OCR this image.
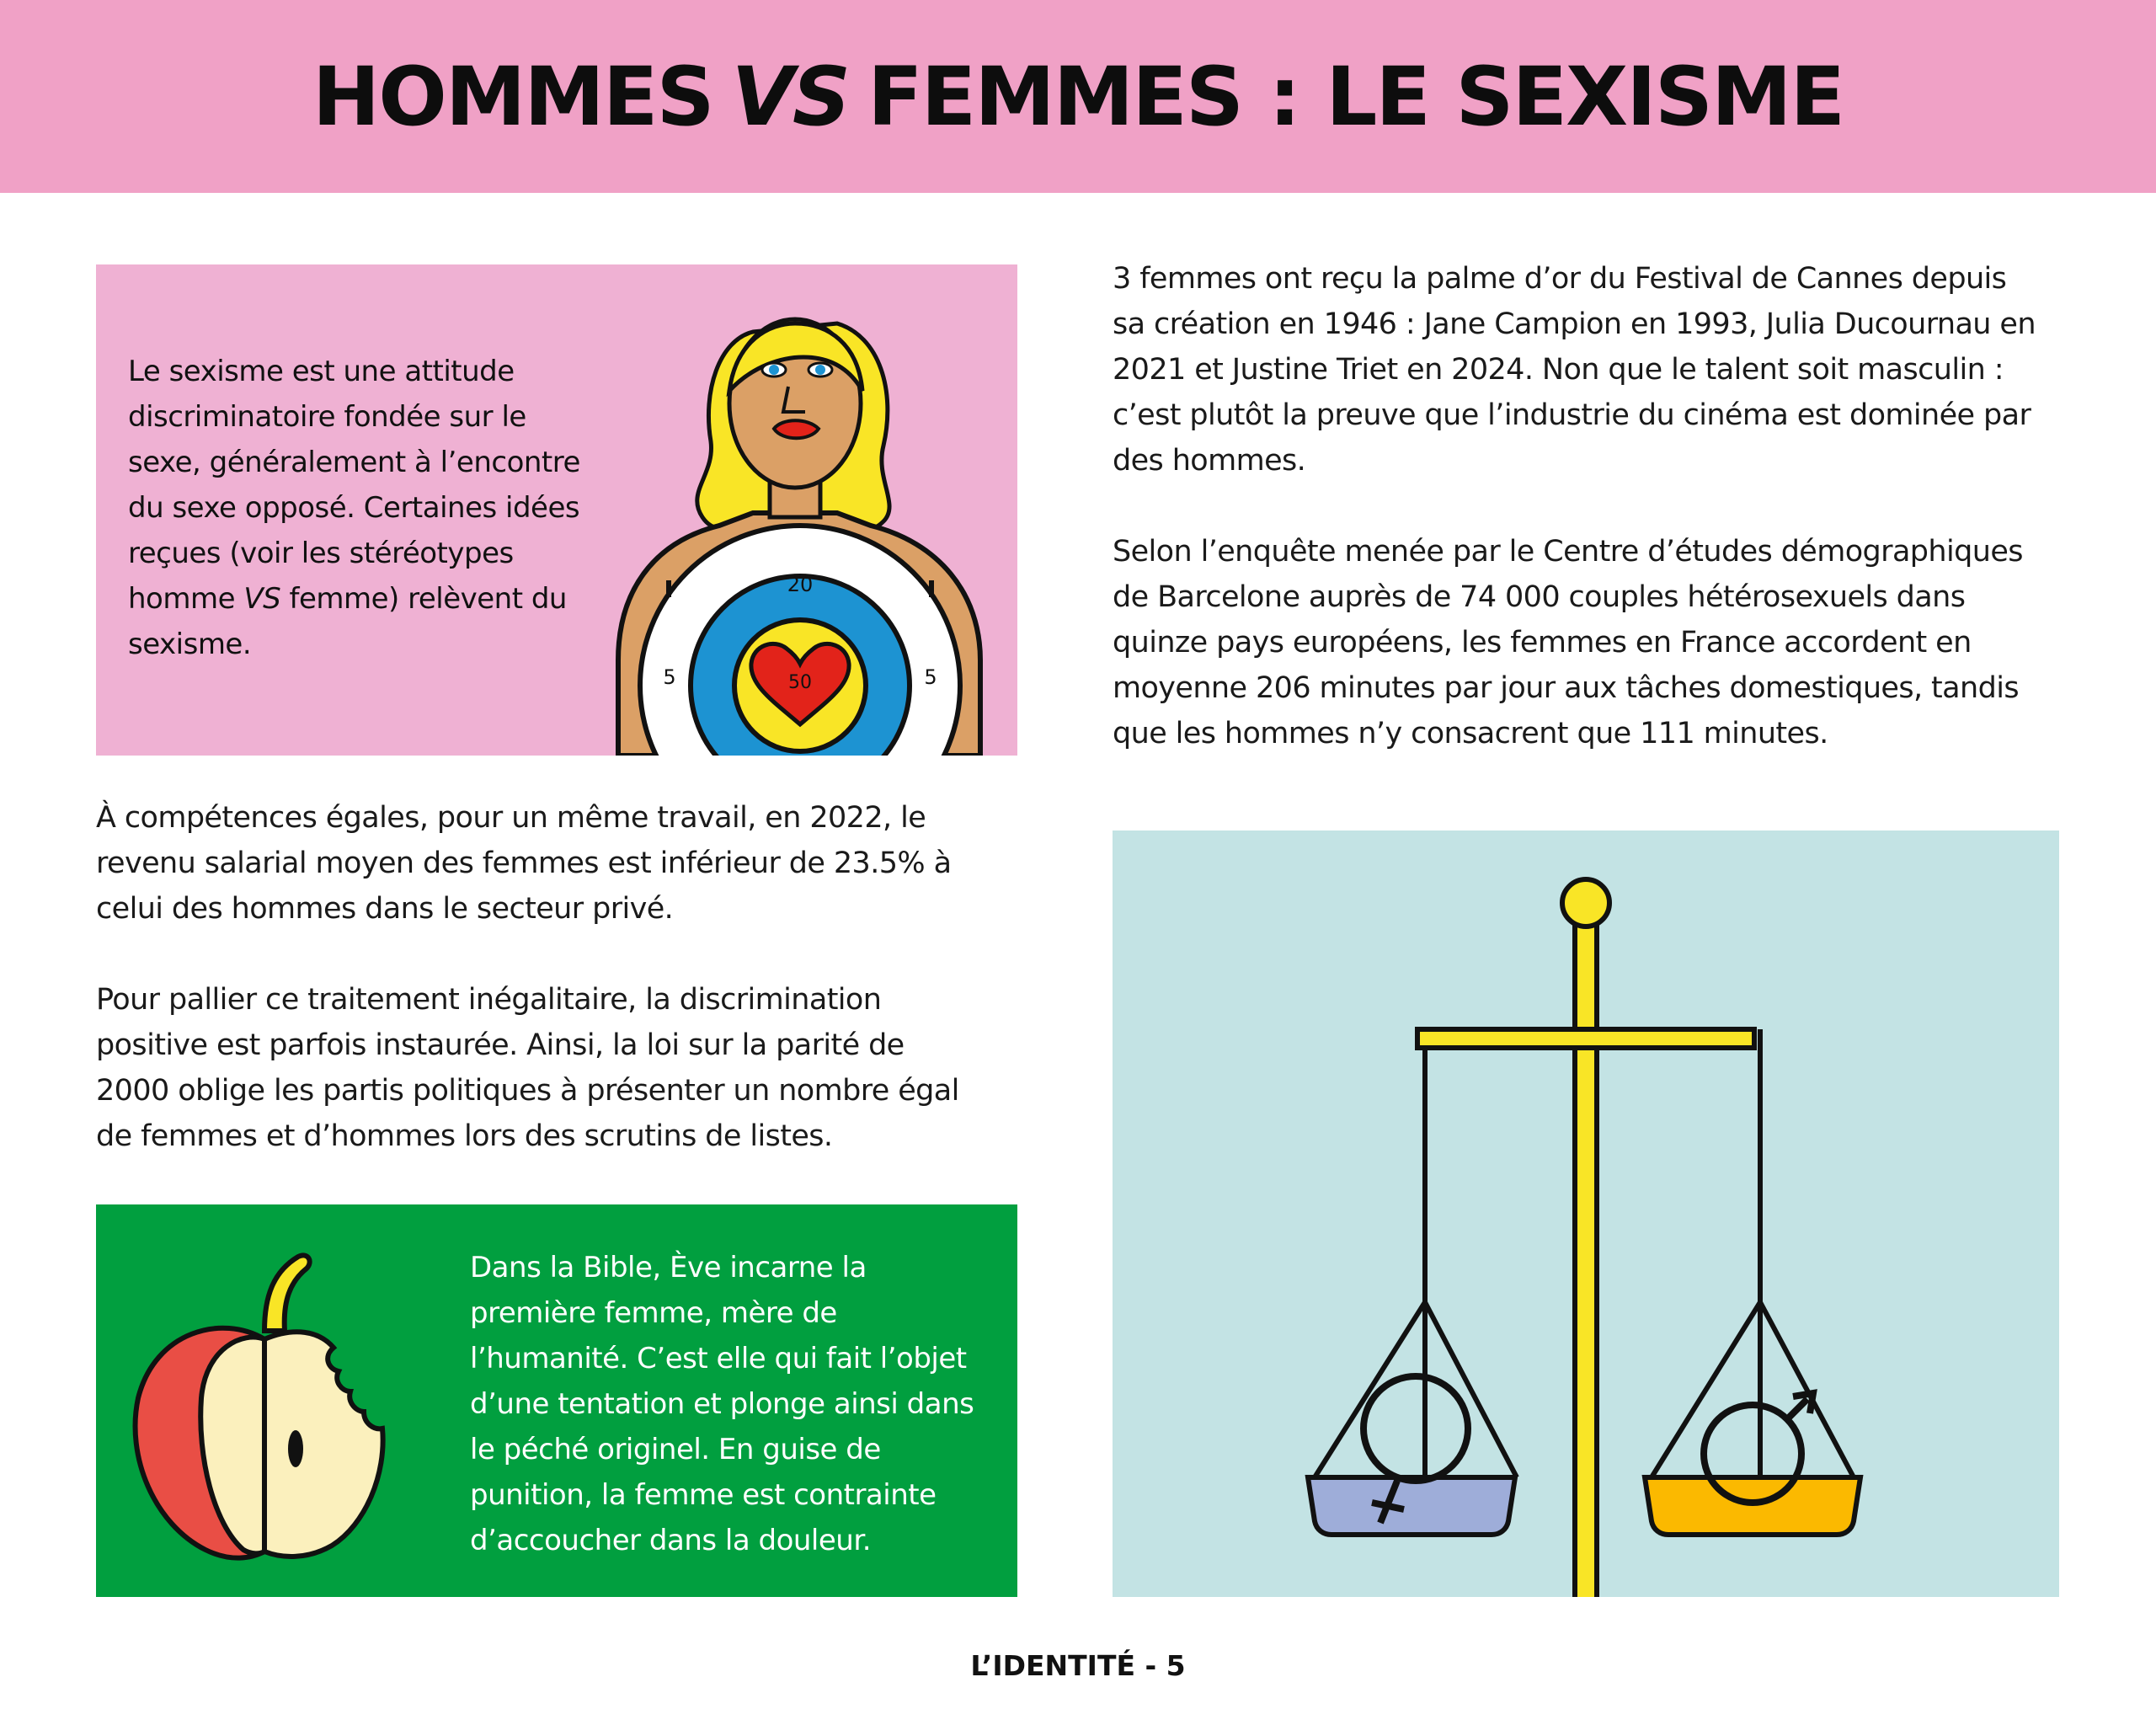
HOMMES VS FEMMES : LE SEXISME
Le sexisme est une attitude discriminatoire fondée sur le sexe, généralement à l’encontre du sexe opposé. Certaines idées reçues (voir les stéréotypes homme VS femme) relèvent du sexisme.
20
5	5
50
3 femmes ont reçu la palme d’or du Festival de Cannes depuis
sa création en 1946 : Jane Campion en 1993, Julia Ducournau en
2021 et Justine Triet en 2024. Non que le talent soit masculin :
c’est plutôt la preuve que l’industrie du cinéma est dominée par
des hommes.
Selon l’enquête menée par le Centre d’études démographiques
de Barcelone auprès de 74 000 couples hétérosexuels dans
quinze pays européens, les femmes en France accordent en
moyenne 206 minutes par jour aux tâches domestiques, tandis
que les hommes n’y consacrent que 111 minutes.
À compétences égales, pour un même travail, en 2022, le
revenu salarial moyen des femmes est inférieur de 23.5% à
celui des hommes dans le secteur privé.
Pour pallier ce traitement inégalitaire, la discrimination
positive est parfois instaurée. Ainsi, la loi sur la parité de
2000 oblige les partis politiques à présenter un nombre égal
de femmes et d’hommes lors des scrutins de listes.
Dans la Bible, Ève incarne la première femme, mère de l’humanité. C’est elle qui fait l’objet d’une tentation et plonge ainsi dans le péché originel. En guise de punition, la femme est contrainte d’accoucher dans la douleur.
L’IDENTITÉ - 5
